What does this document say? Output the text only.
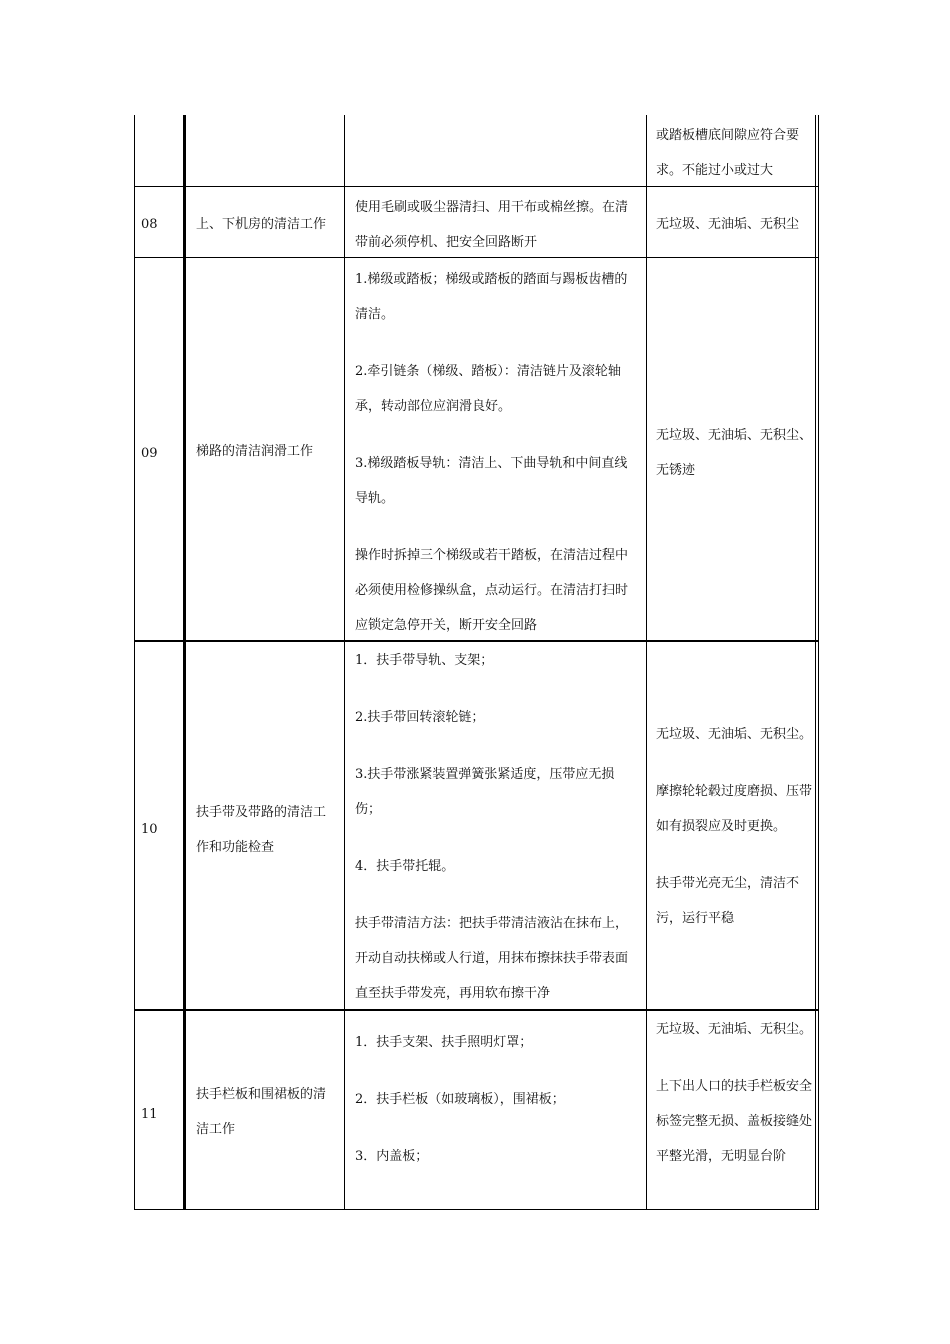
或踏板槽底间隙应符合要求。不能过小或过大

08	上、下机房的清洁工作

使用毛刷或吸尘器清扫、用干布或棉丝擦。在清带前必须停机、把安全回路断开

无垃圾、无油垢、无积尘

09	梯路的清洁润滑工作

1.梯级或踏板；梯级或踏板的踏面与踢板齿槽的清洁。

2.牵引链条（梯级、踏板）：清洁链片及滚轮轴承，转动部位应润滑良好。

3.梯级踏板导轨：清洁上、下曲导轨和中间直线导轨。

操作时拆掉三个梯级或若干踏板，在清洁过程中必须使用检修操纵盒，点动运行。在清洁打扫时应锁定急停开关，断开安全回路

无垃圾、无油垢、无积尘、无锈迹

10
扶手带及带路的清洁工作和功能检查

1．扶手带导轨、支架；

2.扶手带回转滚轮链；

3.扶手带涨紧装置弹簧张紧适度，压带应无损伤；

4．扶手带托辊。

扶手带清洁方法：把扶手带清洁液沾在抹布上，开动自动扶梯或人行道，用抹布擦抹扶手带表面直至扶手带发亮，再用软布擦干净

无垃圾、无油垢、无积尘。

摩擦轮轮毂过度磨损、压带如有损裂应及时更换。

扶手带光亮无尘，清洁不污，运行平稳

11
扶手栏板和围裙板的清洁工作

1．扶手支架、扶手照明灯罩；

2．扶手栏板（如玻璃板），围裙板；

3．内盖板；

无垃圾、无油垢、无积尘。

上下出人口的扶手栏板安全标签完整无损、盖板接缝处平整光滑，无明显台阶
